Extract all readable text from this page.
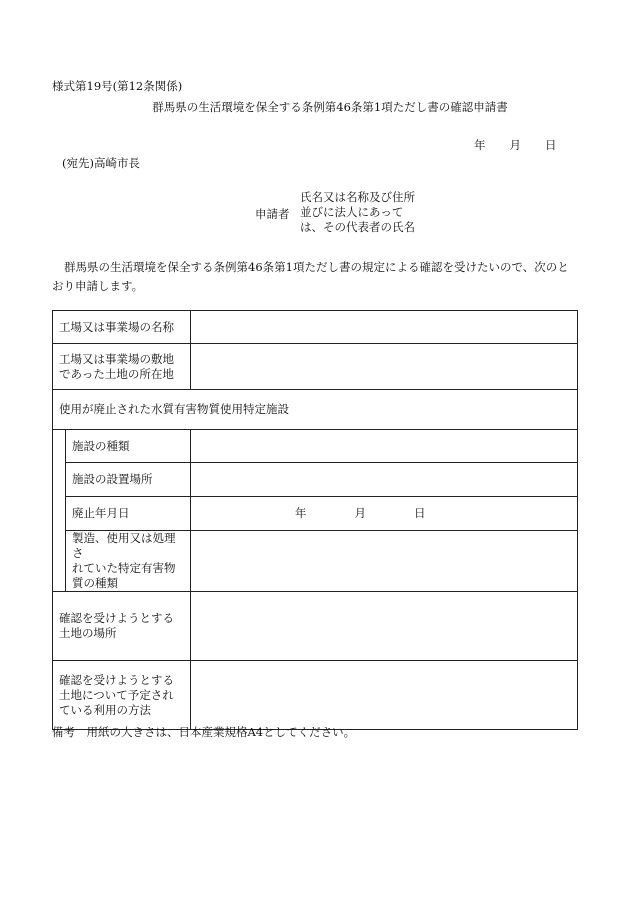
様式第19号(第12条関係)
群馬県の生活環境を保全する条例第46条第1項ただし書の確認申請書
年 月 日
(宛先)高崎市長
申請者
氏名又は名称及び住所
並びに法人にあって
は、その代表者の氏名
群馬県の生活環境を保全する条例第46条第1項ただし書の規定による確認を受けたいので、次のとおり申請します。
工場又は事業場の名称		

工場又は事業場の敷地
であった土地の所在地		

使用が廃止された水質有害物質使用特定施設		
	施設の種類	
	施設の設置場所	
	廃止年月日	年 月 日

	製造、使用又は処理さ
れていた特定有害物
質の種類	

確認を受けようとする
土地の場所		

確認を受けようとする
土地について予定され
ている利用の方法		

備考　用紙の大きさは、日本産業規格A4としてください。
